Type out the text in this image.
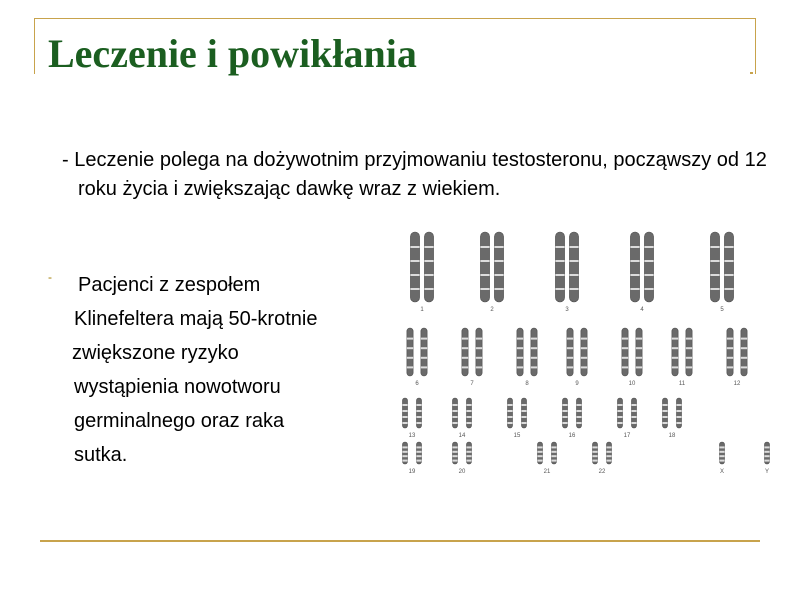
Leczenie i powikłania

- Leczenie polega na dożywotnim przyjmowaniu testosteronu, począwszy od 12 roku życia i zwiększając dawkę wraz z wiekiem.

-	Pacjenci z zespołem
Klinefeltera mają 50-krotnie
zwiększone ryzyko
wystąpienia nowotworu
germinalnego oraz raka
sutka.
1	2	3	4	5
6	7	8	9	10	11	12
13	14	15	16	17	18
19	20	21	22	X	Y
